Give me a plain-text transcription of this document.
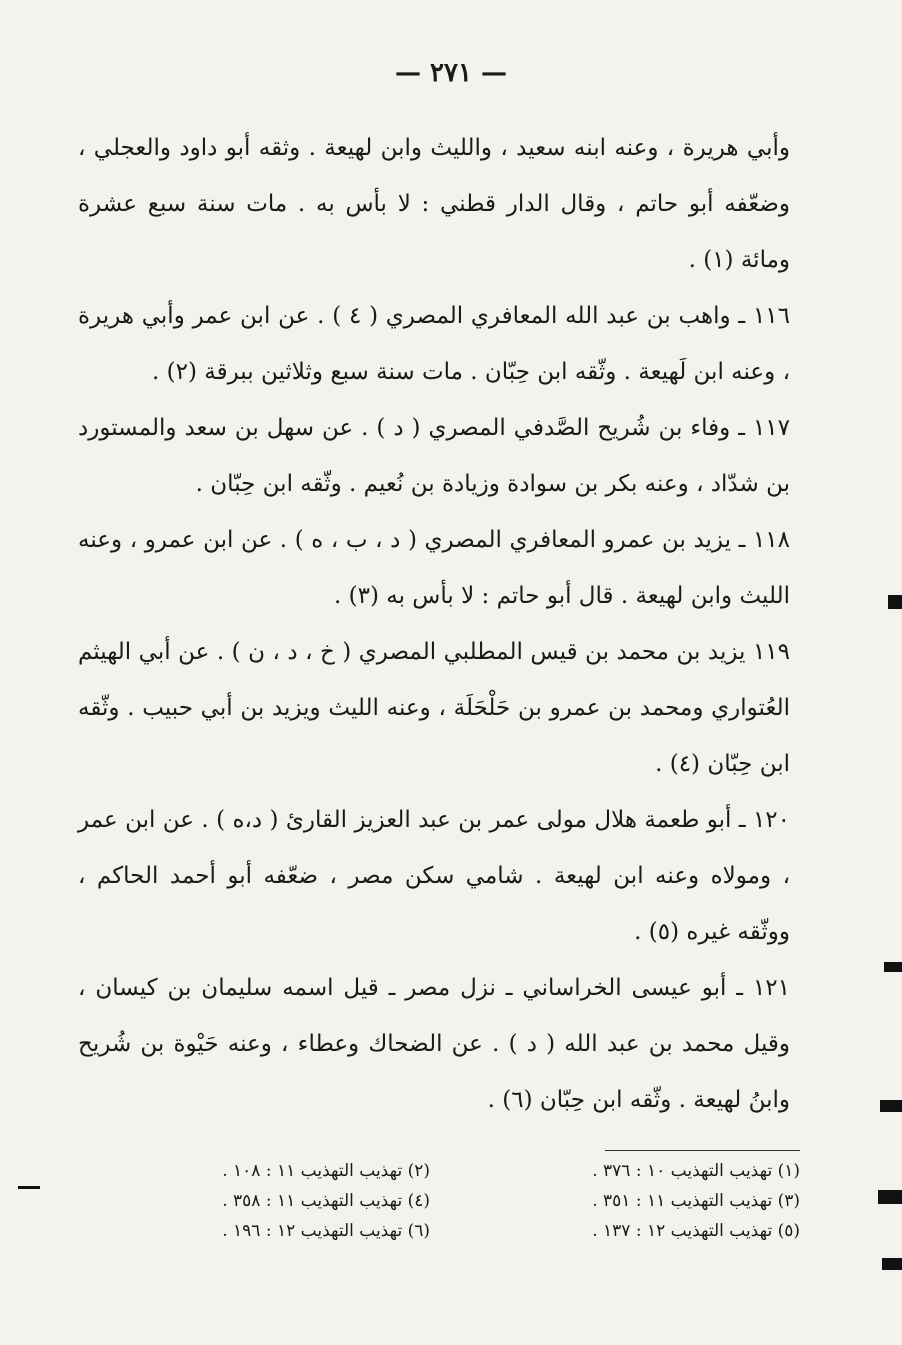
— ٢٧١ —

وأبي هريرة ، وعنه ابنه سعيد ، والليث وابن لهيعة . وثقه أبو داود والعجلي ، وضعّفه أبو حاتم ، وقال الدار قطني : لا بأس به . مات سنة سبع عشرة ومائة (١) .

١١٦ ـ واهب بن عبد الله المعافري المصري ( ٤ ) . عن ابن عمر وأبي هريرة ، وعنه ابن لَهيعة . وثّقه ابن حِبّان . مات سنة سبع وثلاثين ببرقة (٢) .

١١٧ ـ وفاء بن شُريح الصَّدفي المصري ( د ) . عن سهل بن سعد والمستورد بن شدّاد ، وعنه بكر بن سوادة وزيادة بن نُعيم . وثّقه ابن حِبّان .

١١٨ ـ يزيد بن عمرو المعافري المصري ( د ، ب ، ه ) . عن ابن عمرو ، وعنه الليث وابن لهيعة . قال أبو حاتم : لا بأس به (٣) .

١١٩ يزيد بن محمد بن قيس المطلبي المصري ( خ ، د ، ن ) . عن أبي الهيثم العُتواري ومحمد بن عمرو بن حَلْحَلَة ، وعنه الليث ويزيد بن أبي حبيب . وثّقه ابن حِبّان (٤) .

١٢٠ ـ أبو طعمة هلال مولى عمر بن عبد العزيز القارئ ( د،ه ) . عن ابن عمر ، ومولاه وعنه ابن لهيعة . شامي سكن مصر ، ضعّفه أبو أحمد الحاكم ، ووثّقه غيره (٥) .

١٢١ ـ أبو عيسى الخراساني ـ نزل مصر ـ قيل اسمه سليمان بن كيسان ، وقيل محمد بن عبد الله ( د ) . عن الضحاك وعطاء ، وعنه حَيْوة بن شُريح وابنُ لهيعة . وثّقه ابن حِبّان (٦) .

(١) تهذيب التهذيب ١٠ : ٣٧٦ .
(٣) تهذيب التهذيب ١١ : ٣٥١ .
(٥) تهذيب التهذيب ١٢ : ١٣٧ .
(٢) تهذيب التهذيب ١١ : ١٠٨ .
(٤) تهذيب التهذيب ١١ : ٣٥٨ .
(٦) تهذيب التهذيب ١٢ : ١٩٦ .
